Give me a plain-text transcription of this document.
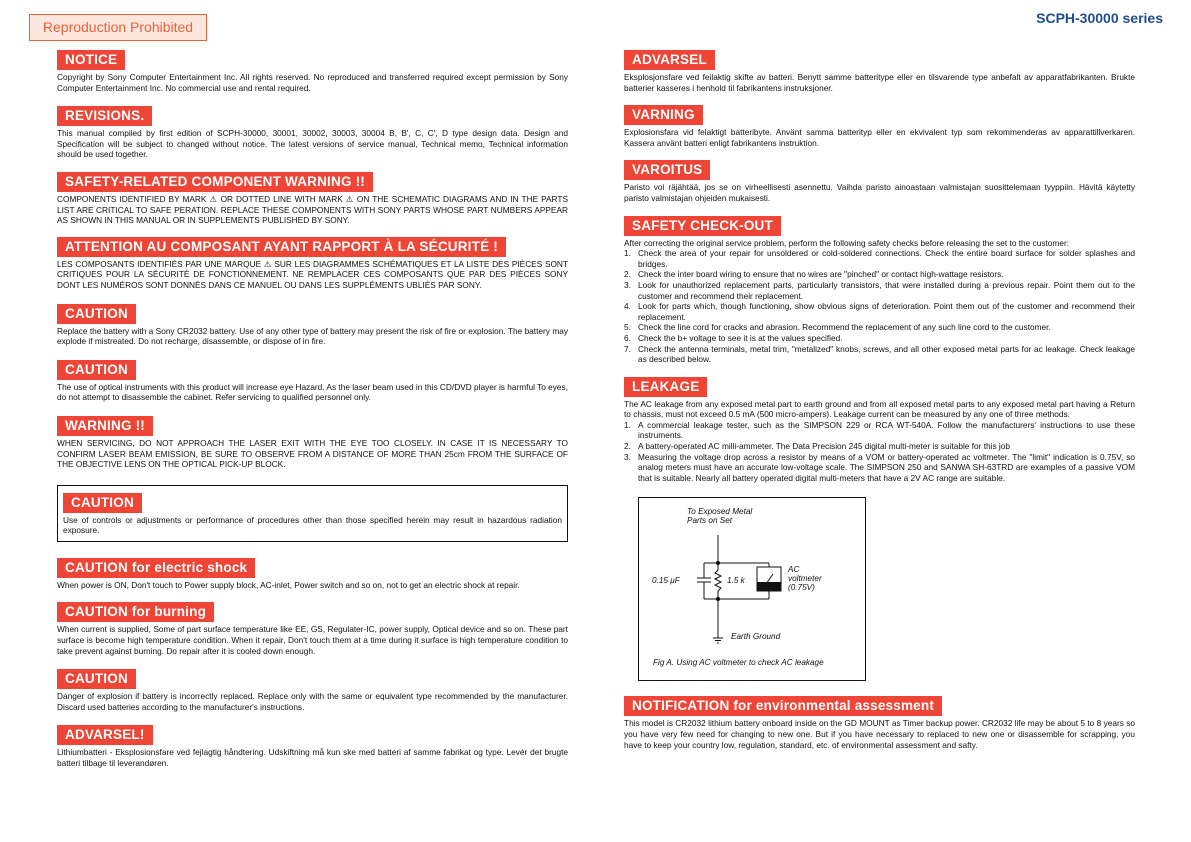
Reproduction Prohibited
SCPH-30000 series
NOTICE
Copyright by Sony Computer Entertainment Inc. All rights reserved. No reproduced and transferred required except permission by Sony Computer Entertainment Inc. No commercial use and rental required.
REVISIONS.
This manual compiled by first edition of SCPH-30000, 30001, 30002, 30003, 30004 B, B', C, C', D type design data. Design and Specification will be subject to changed without notice. The latest versions of service manual, Technical memo, Technical information should be used together.
SAFETY-RELATED COMPONENT WARNING !!
COMPONENTS IDENTIFIED BY MARK ⚠ OR DOTTED LINE WITH MARK ⚠ ON THE SCHEMATIC DIAGRAMS AND IN THE PARTS LIST ARE CRITICAL TO SAFE PERATION. REPLACE THESE COMPONENTS WITH SONY PARTS WHOSE PART NUMBERS APPEAR AS SHOWN IN THIS MANUAL OR IN SUPPLEMENTS PUBLISHED BY SONY.
ATTENTION AU COMPOSANT AYANT RAPPORT À LA SÉCURITÉ !
LES COMPOSANTS IDENTIFIÉS PAR UNE MARQUE ⚠ SUR LES DIAGRAMMES SCHÉMATIQUES ET LA LISTE DES PIÈCES SONT CRITIQUES POUR LA SÉCURITÉ DE FONCTIONNEMENT. NE REMPLACER CES COMPOSANTS QUE PAR DES PIÈCES SONY DONT LES NUMÉROS SONT DONNÉS DANS CE MANUEL OU DANS LES SUPPLÉMENTS UBLIÉS PAR SONY.
CAUTION
Replace the battery with a Sony CR2032 battery. Use of any other type of battery may present the risk of fire or explosion. The battery may explode if mistreated. Do not recharge, disassemble, or dispose of in fire.
CAUTION
The use of optical instruments with this product will increase eye Hazard. As the laser beam used in this CD/DVD player is harmful To eyes, do not attempt to disassemble the cabinet. Refer servicing to qualified personnel only.
WARNING !!
WHEN SERVICING, DO NOT APPROACH THE LASER EXIT WITH THE EYE TOO CLOSELY. IN CASE IT IS NECESSARY TO CONFIRM LASER BEAM EMISSION, BE SURE TO OBSERVE FROM A DISTANCE OF MORE THAN 25cm FROM THE SURFACE OF THE OBJECTIVE LENS ON THE OPTICAL PICK-UP BLOCK.
CAUTION
Use of controls or adjustments or performance of procedures other than those specified herein may result in hazardous radiation exposure.
CAUTION for electric shock
When power is ON, Don't touch to Power supply block, AC-inlet, Power switch and so on, not to get an electric shock at repair.
CAUTION for burning
When current is supplied, Some of part surface temperature like EE, GS, Regulater-IC, power supply, Optical device and so on. These part surface is become high temperature condition. When it repair, Don't touch them at a time during it surface is high temperature condition to take prevent against burning. Do repair after it is cooled down enough.
CAUTION
Danger of explosion if battery is incorrectly replaced. Replace only with the same or equivalent type recommended by the manufacturer. Discard used batteries according to the manufacturer's instructions.
ADVARSEL!
Lithiumbatteri - Eksplosionsfare ved fejlagtig håndtering. Udskiftning må kun ske med batteri af samme fabrikat og type. Levér det brugte batteri tilbage til leverandøren.
ADVARSEL
Eksplosjonsfare ved feilaktig skifte av batteri. Benytt samme batteritype eller en tilsvarende type anbefalt av apparatfabrikanten. Brukte batterier kasseres i henhold til fabrikantens instruksjoner.
VARNING
Explosionsfara vid felaktigt batteribyte. Använt samma batterityp eller en ekvivalent typ som rekommenderas av apparattillverkaren. Kassera använt batteri enligt fabrikantens instruktion.
VAROITUS
Paristo voi räjähtää, jos se on virheellisesti asennettu. Vaihda paristo ainoastaan valmistajan suosittelemaan tyyppiin. Hävitä käytetty paristo valmistajan ohjeiden mukaisesti.
SAFETY CHECK-OUT
After correcting the original service problem, perform the following safety checks before releasing the set to the customer:
1. Check the area of your repair for unsoldered or cold-soldered connections. Check the entire board surface for solder splashes and bridges.
2. Check the inter board wiring to ensure that no wires are "pinched" or contact high-wattage resistors.
3. Look for unauthorized replacement parts, particularly transistors, that were installed during a previous repair. Point them out to the customer and recommend their replacement.
4. Look for parts which, though functioning, show obvious signs of deterioration. Point them out of the customer and recommend their replacement.
5. Check the line cord for cracks and abrasion. Recommend the replacement of any such line cord to the customer.
6. Check the b+ voltage to see it is at the values specified.
7. Check the antenna terminals, metal trim, "metalized" knobs, screws, and all other exposed metal parts for ac leakage. Check leakage as described below.
LEAKAGE
The AC leakage from any exposed metal part to earth ground and from all exposed metal parts to any exposed metal part having a Return to chassis, must not exceed 0.5 mA (500 micro-ampers). Leakage current can be measured by any one of three methods.
1. A commercial leakage tester, such as the SIMPSON 229 or RCA WT-540A. Follow the manufacturers' instructions to use these instruments.
2. A battery-operated AC milli-ammeter. The Data Precision 245 digital multi-meter is suitable for this job
3. Measuring the voltage drop across a resistor by means of a VOM or battery-operated ac voltmeter. The "limit" indication is 0.75V, so analog meters must have an accurate low-voltage scale. The SIMPSON 250 and SANWA SH-63TRD are examples of a passive VOM that is suitable. Nearly all battery operated digital multi-meters that have a 2V AC range are suitable.
To Exposed Metal
Parts on Set
0.15 μF	1.5 k
AC
voltmeter
(0.75V)
Earth Ground
Fig A. Using AC voltmeter to check AC leakage
NOTIFICATION for environmental assessment
This model is CR2032 lithium battery onboard inside on the GD MOUNT as Timer backup power. CR2032 life may be about 5 to 8 years so you have very few need for changing to new one. But if you have necessary to replaced to new one or disassemble for scrapping, you have to keep your country low, regulation, standard, etc. of environmental assessment and safty.
